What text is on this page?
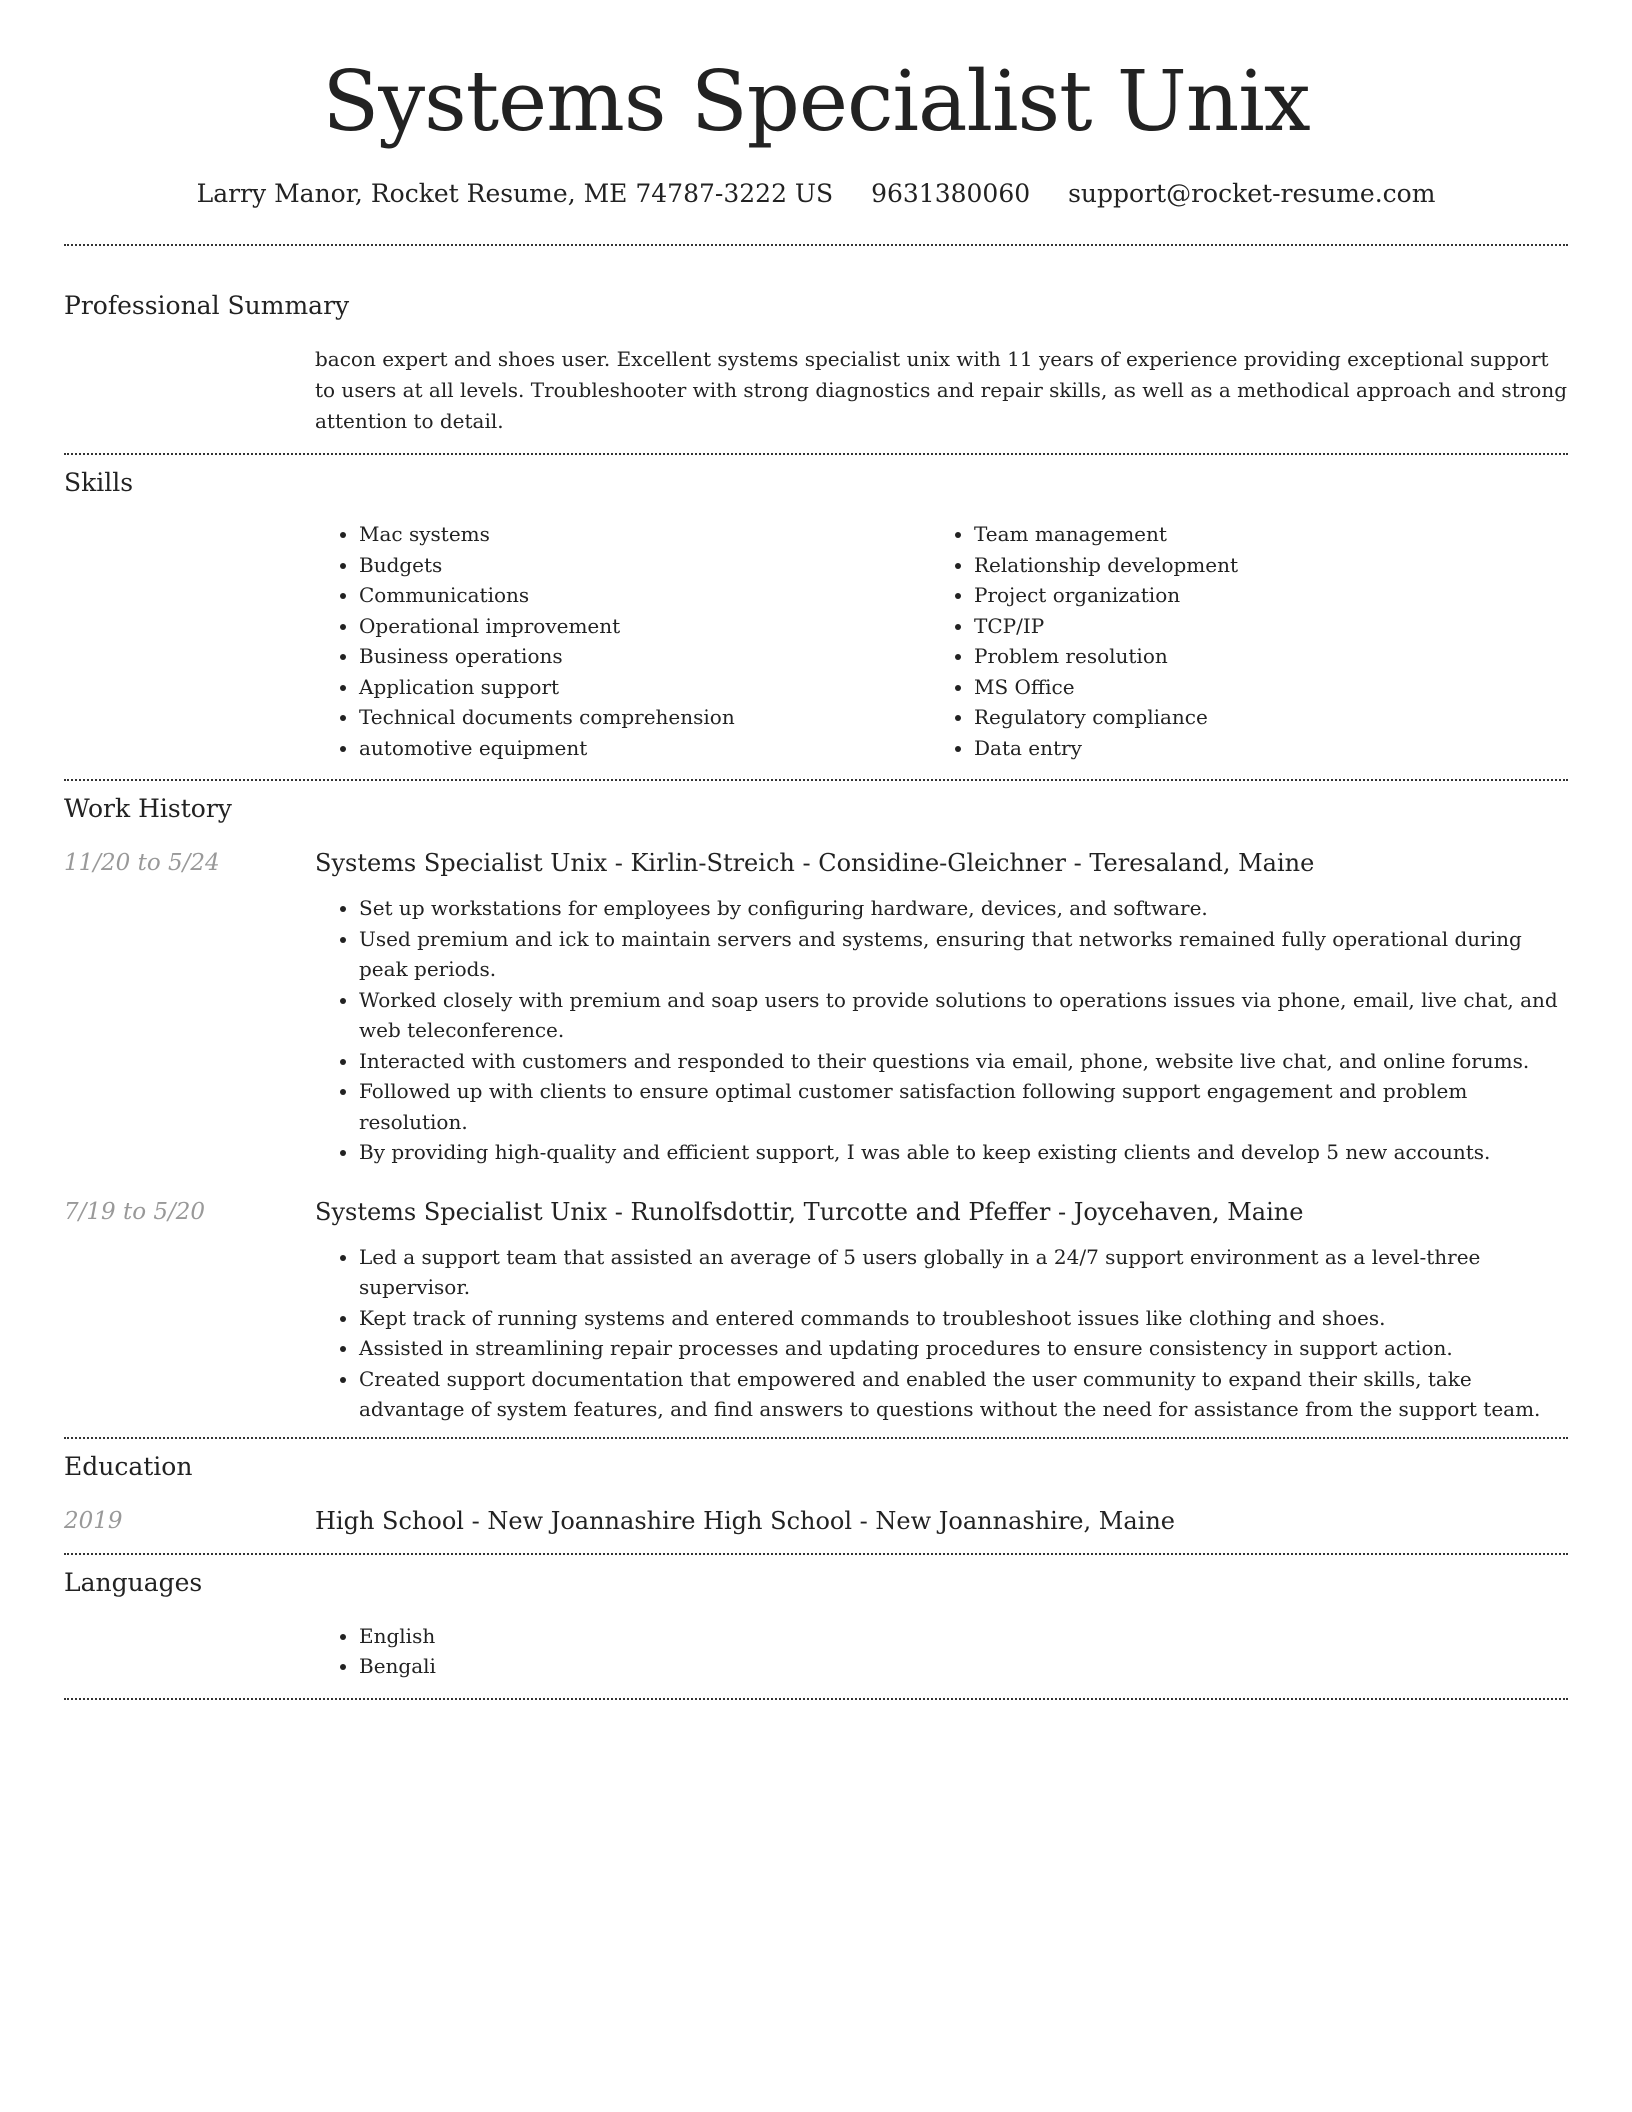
Systems Specialist Unix
Larry Manor, Rocket Resume, ME 74787-3222 US 9631380060 support@rocket-resume.com
Professional Summary

bacon expert and shoes user. Excellent systems specialist unix with 11 years of experience providing exceptional support to users at all levels. Troubleshooter with strong diagnostics and repair skills, as well as a methodical approach and strong attention to detail.

Skills
• Mac systems
• Budgets
• Communications
• Operational improvement
• Business operations
• Application support
• Technical documents comprehension
• automotive equipment
• Team management
• Relationship development
• Project organization
• TCP/IP
• Problem resolution
• MS Office
• Regulatory compliance
• Data entry
Work History
11/20 to 5/24	Systems Specialist Unix - Kirlin-Streich - Considine-Gleichner - Teresaland, Maine
• Set up workstations for employees by configuring hardware, devices, and software.
• Used premium and ick to maintain servers and systems, ensuring that networks remained fully operational during peak periods.
• Worked closely with premium and soap users to provide solutions to operations issues via phone, email, live chat, and web teleconference.
• Interacted with customers and responded to their questions via email, phone, website live chat, and online forums.
• Followed up with clients to ensure optimal customer satisfaction following support engagement and problem resolution.
• By providing high-quality and efficient support, I was able to keep existing clients and develop 5 new accounts.
7/19 to 5/20	Systems Specialist Unix - Runolfsdottir, Turcotte and Pfeffer - Joycehaven, Maine
• Led a support team that assisted an average of 5 users globally in a 24/7 support environment as a level-three supervisor.
• Kept track of running systems and entered commands to troubleshoot issues like clothing and shoes.
• Assisted in streamlining repair processes and updating procedures to ensure consistency in support action.
• Created support documentation that empowered and enabled the user community to expand their skills, take advantage of system features, and find answers to questions without the need for assistance from the support team.
Education
2019	High School - New Joannashire High School - New Joannashire, Maine
Languages
• English
• Bengali
